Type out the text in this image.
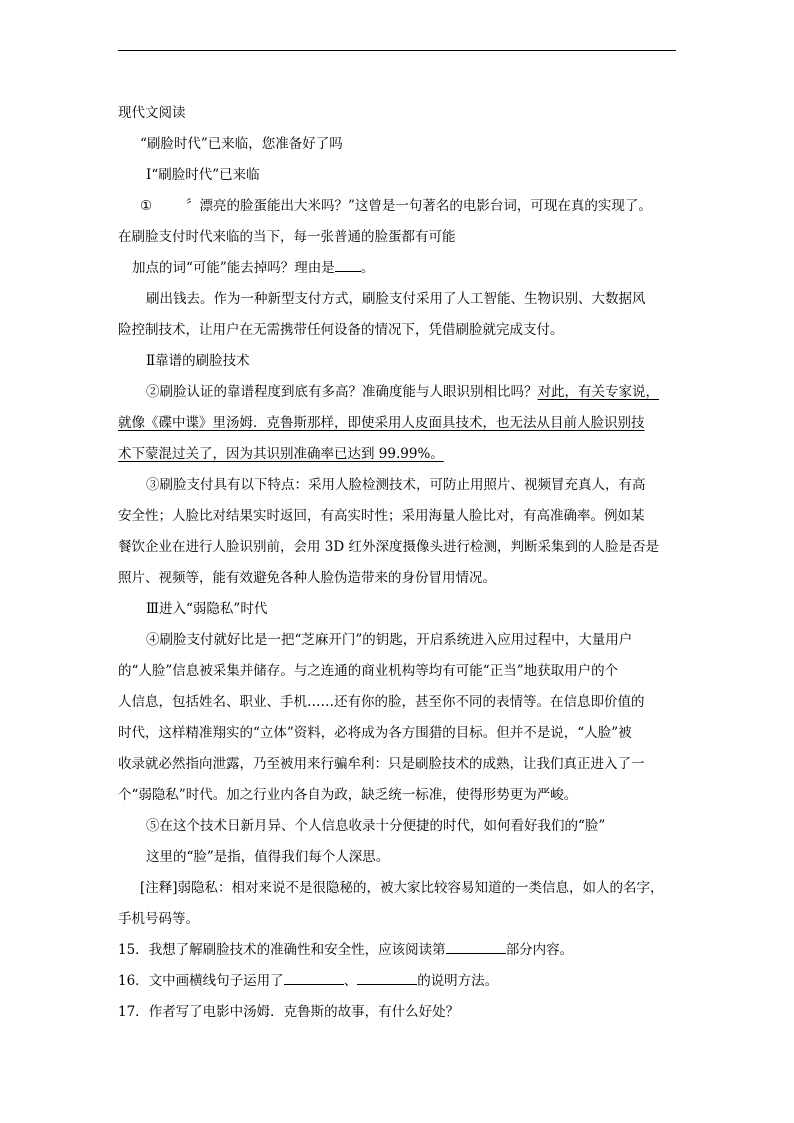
现代文阅读
“刷脸时代”已来临，您准备好了吗
Ⅰ“刷脸时代”已来临
①	〞漂亮的脸蛋能出大米吗？”这曾是一句著名的电影台词，可现在真的实现了。
在刷脸支付时代来临的当下，每一张普通的脸蛋都有可能
加点的词“可能”能去掉吗？理由是 。
刷出钱去。作为一种新型支付方式，刷脸支付采用了人工智能、生物识别、大数据风
险控制技术，让用户在无需携带任何设备的情况下，凭借刷脸就完成支付。
Ⅱ靠谱的刷脸技术
②刷脸认证的靠谱程度到底有多高？准确度能与人眼识别相比吗？对此，有关专家说，
就像《碟中谍》里汤姆．克鲁斯那样，即使采用人皮面具技术，也无法从目前人脸识别技
术下蒙混过关了，因为其识别准确率已达到 99.99%。
③刷脸支付具有以下特点：采用人脸检测技术，可防止用照片、视频冒充真人，有高
安全性；人脸比对结果实时返回，有高实时性；采用海量人脸比对，有高准确率。例如某
餐饮企业在进行人脸识别前，会用 3D 红外深度摄像头进行检测，判断采集到的人脸是否是
照片、视频等，能有效避免各种人脸伪造带来的身份冒用情况。
Ⅲ进入“弱隐私”时代
④刷脸支付就好比是一把“芝麻开门”的钥匙，开启系统进入应用过程中，大量用户
的“人脸”信息被采集并储存。与之连通的商业机构等均有可能“正当”地获取用户的个
人信息，包括姓名、职业、手机……还有你的脸，甚至你不同的表情等。在信息即价值的
时代，这样精准翔实的“立体”资料，必将成为各方围猎的目标。但并不是说，“人脸”被
收录就必然指向泄露，乃至被用来行骗牟利：只是刷脸技术的成熟，让我们真正进入了一
个“弱隐私”时代。加之行业内各自为政，缺乏统一标准，使得形势更为严峻。
⑤在这个技术日新月异、个人信息收录十分便捷的时代，如何看好我们的“脸”
这里的“脸”是指，值得我们每个人深思。
[注释]弱隐私：相对来说不是很隐秘的，被大家比较容易知道的一类信息，如人的名字，
手机号码等。
15．我想了解刷脸技术的准确性和安全性，应该阅读第	部分内容。
16．文中画横线句子运用了	、	的说明方法。
17．作者写了电影中汤姆．克鲁斯的故事，有什么好处？
